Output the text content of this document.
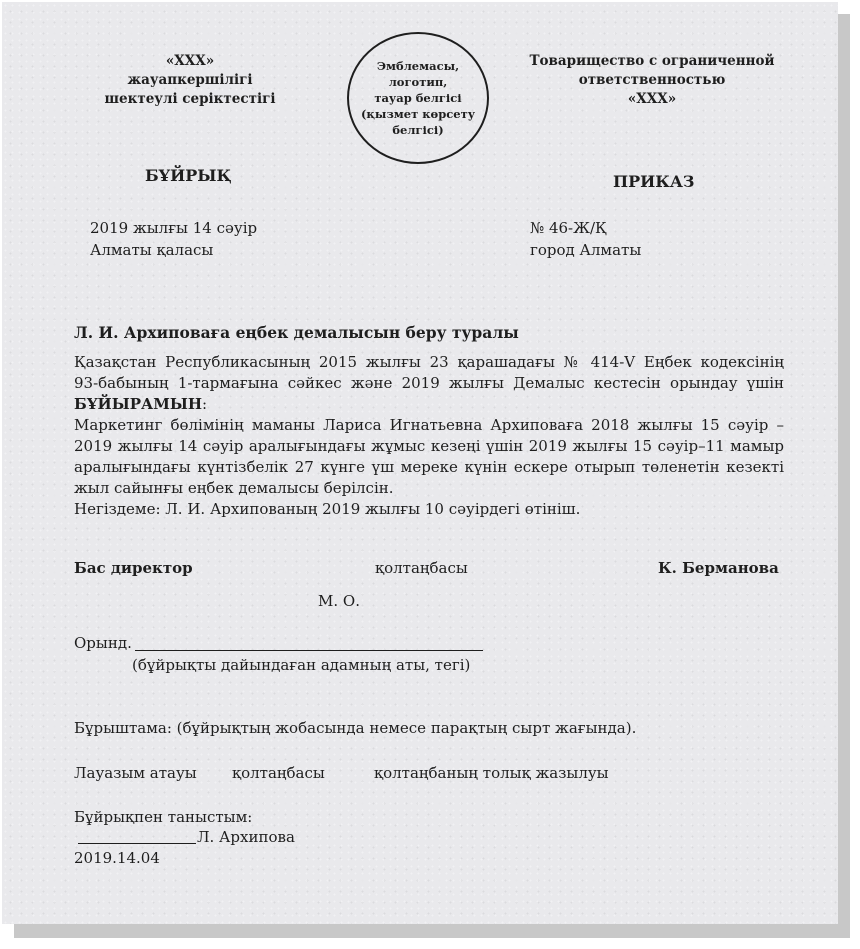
«XXX»
жауапкершілігі
шектеулі серіктестігі
Эмблемасы,
логотип,
тауар белгісі
(қызмет көрсету
белгісі)
Товарищество с ограниченной
ответственностью
«XXX»
БҰЙРЫҚ	ПРИКАЗ
2019 жылғы 14 сәуір
Алматы қаласы
№ 46-Ж/Қ
город Алматы
Л. И. Архиповаға еңбек демалысын беру туралы
Қазақстан Республикасының 2015 жылғы 23 қарашадағы № 414-V Еңбек кодексінің
93-бабының 1-тармағына сәйкес және 2019 жылғы Демалыс кестесін орындау үшін
БҰЙЫРАМЫН:
Маркетинг бөлімінің маманы Лариса Игнатьевна Архиповаға 2018 жылғы 15 сәуір –
2019 жылғы 14 сәуір аралығындағы жұмыс кезеңі үшін 2019 жылғы 15 сәуір–11 мамыр
аралығындағы күнтізбелік 27 күнге үш мереке күнін ескере отырып төленетін кезекті
жыл сайынғы еңбек демалысы берілсін.
Негіздеме: Л. И. Архипованың 2019 жылғы 10 сәуірдегі өтініш.
Бас директор	қолтаңбасы	К. Берманова
М. О.
Орынд.
(бұйрықты дайындаған адамның аты, тегі)
Бұрыштама: (бұйрықтың жобасында немесе парақтың сырт жағында).
Лауазым атауы қолтаңбасы	қолтаңбаның толық жазылуы
Бұйрықпен таныстым:
Л. Архипова
2019.14.04
